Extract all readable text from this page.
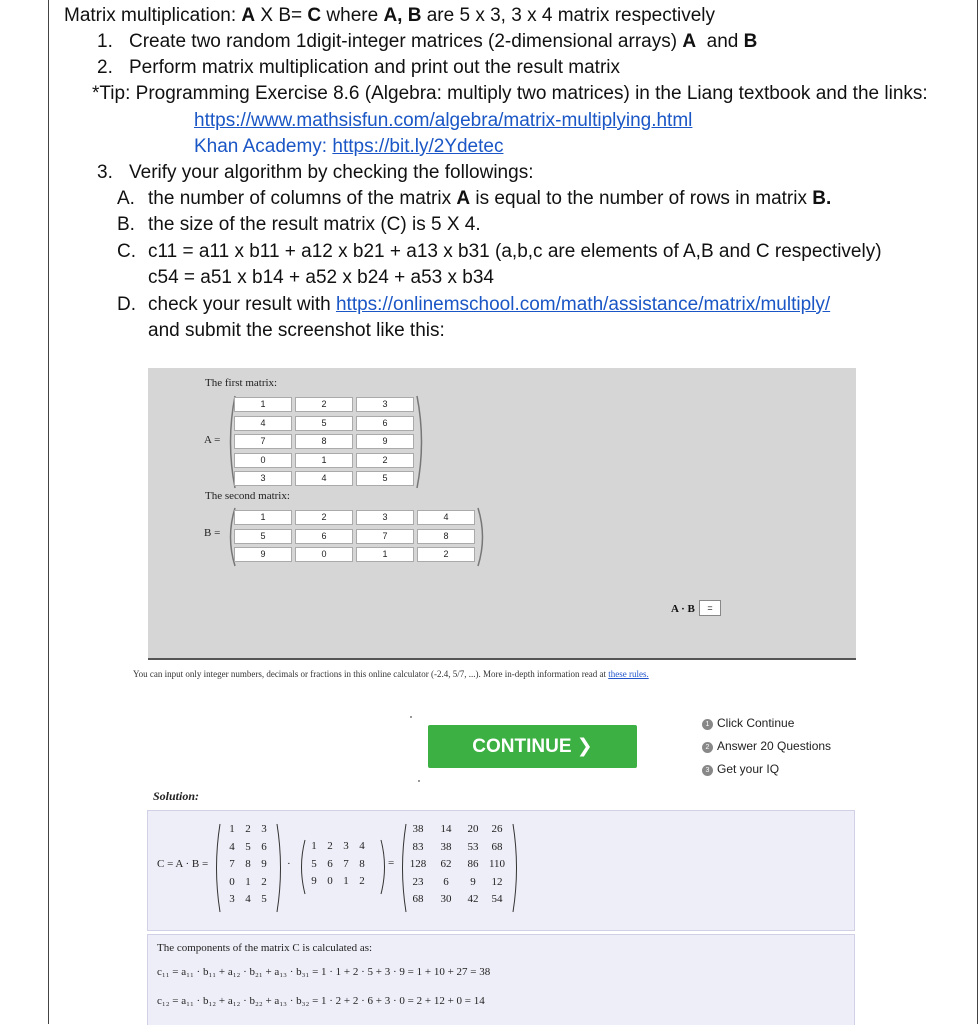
Matrix multiplication: A X B= C where A, B are 5 x 3, 3 x 4 matrix respectively
1. Create two random 1digit-integer matrices (2-dimensional arrays) A  and B
2. Perform matrix multiplication and print out the result matrix
*Tip: Programming Exercise 8.6 (Algebra: multiply two matrices) in the Liang textbook and the links:
https://www.mathsisfun.com/algebra/matrix-multiplying.html
Khan Academy: https://bit.ly/2Ydetec
3. Verify your algorithm by checking the followings:
A. the number of columns of the matrix A is equal to the number of rows in matrix B.
B. the size of the result matrix (C) is 5 X 4.
C. c11 = a11 x b11 + a12 x b21 + a13 x b31 (a,b,c are elements of A,B and C respectively)
c54 = a51 x b14 + a52 x b24 + a53 x b34
D. check your result with https://onlinemschool.com/math/assistance/matrix/multiply/
and submit the screenshot like this:
The first matrix:
A =
1	2	3
4	5	6
7	8	9
0	1	2
3	4	5
The second matrix:
B =
1	2	3	4
5	6	7	8
9	0	1	2
A · B	=
You can input only integer numbers, decimals or fractions in this online calculator (-2.4, 5/7, ...). More in-depth information read at these rules.
CONTINUE ❯
1 Click Continue
2 Answer 20 Questions
3 Get your IQ
Solution:
C = A · B =
1 2 3
4 5 6
7 8 9
0 1 2
3 4 5
·
1 2 3 4
5 6 7 8
9 0 1 2
=
38	14	20	26
83	38	53	68
128	62	86 110
23	6	9	12
68	30	42	54
The components of the matrix C is calculated as:
c₁₁ = a₁₁ · b₁₁ + a₁₂ · b₂₁ + a₁₃ · b₃₁ = 1 · 1 + 2 · 5 + 3 · 9 = 1 + 10 + 27 = 38
c₁₂ = a₁₁ · b₁₂ + a₁₂ · b₂₂ + a₁₃ · b₃₂ = 1 · 2 + 2 · 6 + 3 · 0 = 2 + 12 + 0 = 14
